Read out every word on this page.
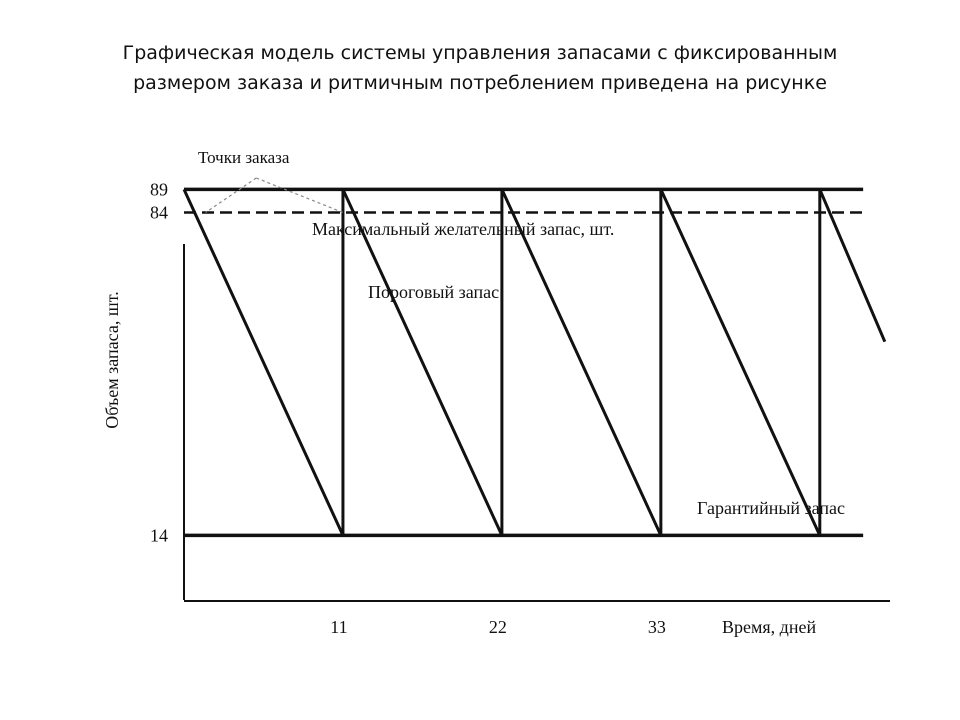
Графическая модель системы управления запасами с фиксированным
размером заказа и ритмичным потреблением приведена на рисунке
Точки заказа
89
84
14
11	22	33
Объем запаса, шт.
Время, дней
Максимальный желательный запас, шт.
Пороговый запас
Гарантийный запас
